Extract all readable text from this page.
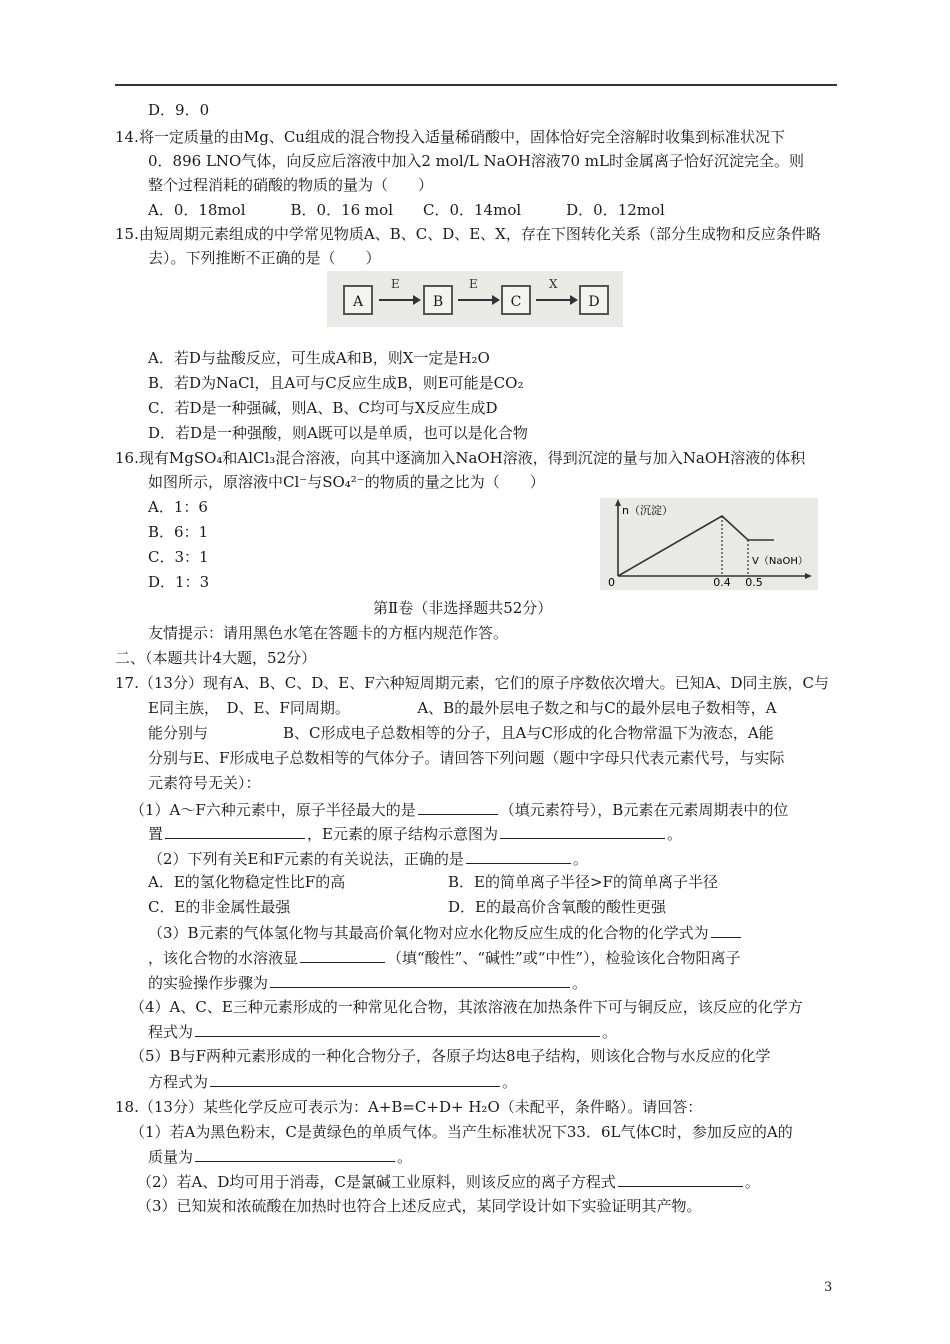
D．9．0
14.将一定质量的由Mg、Cu组成的混合物投入适量稀硝酸中，固体恰好完全溶解时收集到标准状况下
0．896 LNO气体，向反应后溶液中加入2 mol/L NaOH溶液70 mL时金属离子恰好沉淀完全。则
整个过程消耗的硝酸的物质的量为（　　）
A．0．18mol　　　B．0．16 mol　　C．0．14mol　　　D．0．12mol
15.由短周期元素组成的中学常见物质A、B、C、D、E、X，存在下图转化关系（部分生成物和反应条件略
去）。下列推断不正确的是（　　）
A
E
B
E
C
X
D
A．若D与盐酸反应，可生成A和B，则X一定是H₂O
B．若D为NaCl，且A可与C反应生成B，则E可能是CO₂
C．若D是一种强碱，则A、B、C均可与X反应生成D
D．若D是一种强酸，则A既可以是单质，也可以是化合物
16.现有MgSO₄和AlCl₃混合溶液，向其中逐滴加入NaOH溶液，得到沉淀的量与加入NaOH溶液的体积
如图所示，原溶液中Cl⁻与SO₄²⁻的物质的量之比为（　　）
A．1：6
B．6：1
C．3：1
D．1：3
n（沉淀）
V（NaOH）
0	0.4 0.5
第Ⅱ卷（非选择题共52分）
友情提示：请用黑色水笔在答题卡的方框内规范作答。
二、（本题共计4大题，52分）
17.（13分）现有A、B、C、D、E、F六种短周期元素，它们的原子序数依次增大。已知A、D同主族，C与
E同主族，　D、E、F同周期。　　　　　A、B的最外层电子数之和与C的最外层电子数相等，A
能分别与　　　　　B、C形成电子总数相等的分子，且A与C形成的化合物常温下为液态，A能
分别与E、F形成电子总数相等的气体分子。请回答下列问题（题中字母只代表元素代号，与实际
元素符号无关）：
（1）A～F六种元素中，原子半径最大的是	（填元素符号），B元素在元素周期表中的位
置	，E元素的原子结构示意图为	。
（2）下列有关E和F元素的有关说法，正确的是	。
A．E的氢化物稳定性比F的高	B．E的简单离子半径>F的简单离子半径
C．E的非金属性最强	D．E的最高价含氧酸的酸性更强
（3）B元素的气体氢化物与其最高价氧化物对应水化物反应生成的化合物的化学式为
，该化合物的水溶液显	（填“酸性”、“碱性”或“中性”），检验该化合物阳离子
的实验操作步骤为	。
（4）A、C、E三种元素形成的一种常见化合物，其浓溶液在加热条件下可与铜反应，该反应的化学方
程式为	。
（5）B与F两种元素形成的一种化合物分子，各原子均达8电子结构，则该化合物与水反应的化学
方程式为	。
18.（13分）某些化学反应可表示为：A+B=C+D+ H₂O（未配平，条件略）。请回答：
（1）若A为黑色粉末，C是黄绿色的单质气体。当产生标准状况下33．6L气体C时，参加反应的A的
质量为	。
（2）若A、D均可用于消毒，C是氯碱工业原料，则该反应的离子方程式	。
（3）已知炭和浓硫酸在加热时也符合上述反应式，某同学设计如下实验证明其产物。
3
